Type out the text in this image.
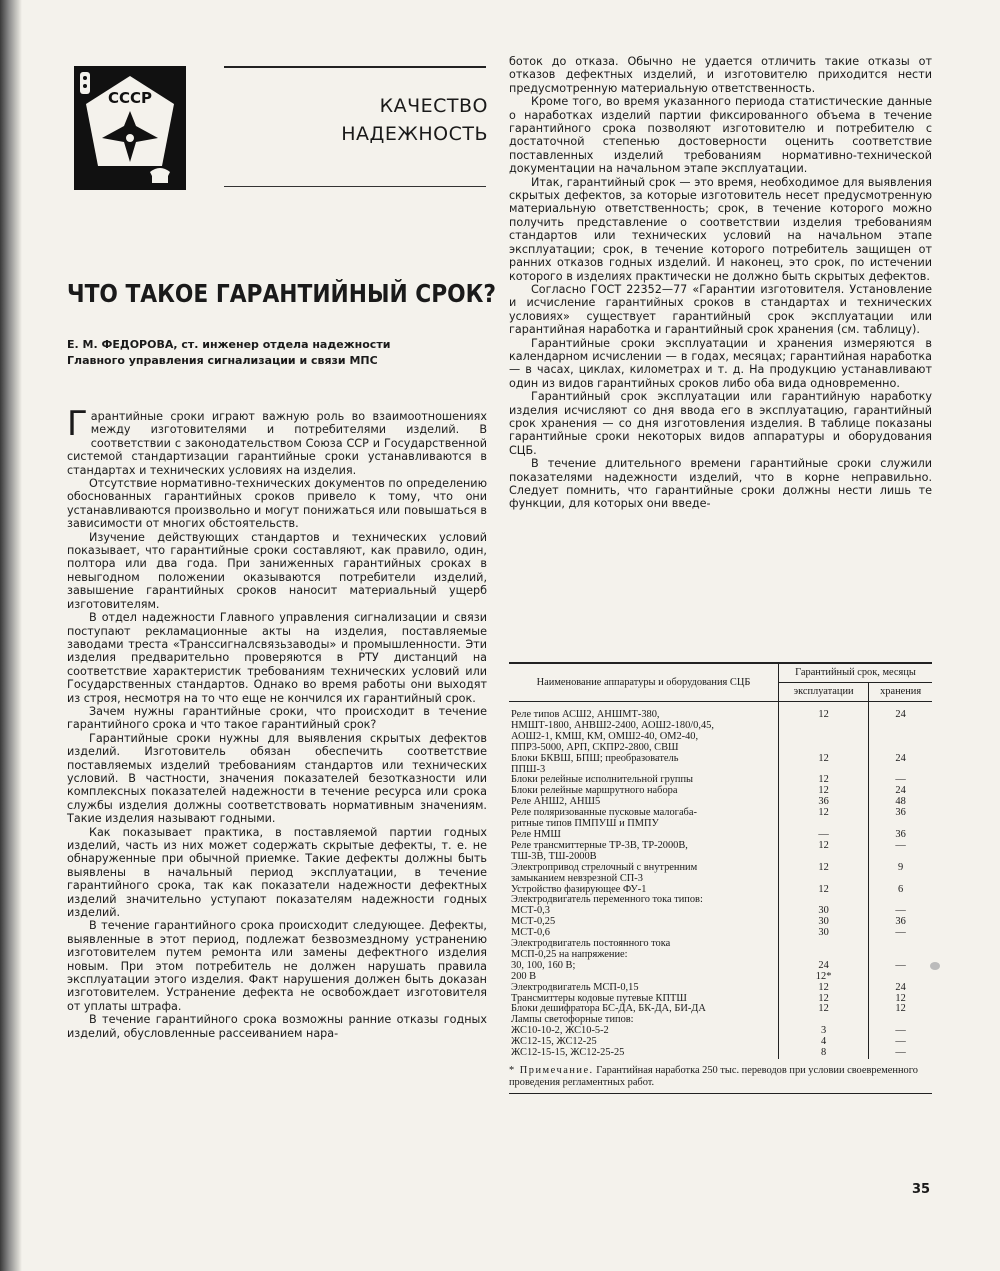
СССР	КАЧЕСТВО
НАДЕЖНОСТЬ
ЧТО ТАКОЕ ГАРАНТИЙНЫЙ СРОК?
Е. М. ФЕДОРОВА, ст. инженер отдела надежности
Главного управления сигнализации и связи МПС

Гарантийные сроки играют важную роль во взаимоотношениях между изготовителями и потребителями изделий. В соответствии с законодательством Союза ССР и Государственной системой стандартизации гарантийные сроки устанавливаются в стандартах и технических условиях на изделия.

Отсутствие нормативно-технических документов по определению обоснованных гарантийных сроков привело к тому, что они устанавливаются произвольно и могут понижаться или повышаться в зависимости от многих обстоятельств.

Изучение действующих стандартов и технических условий показывает, что гарантийные сроки составляют, как правило, один, полтора или два года. При заниженных гарантийных сроках в невыгодном положении оказываются потребители изделий, завышение гарантийных сроков наносит материальный ущерб изготовителям.

В отдел надежности Главного управления сигнализации и связи поступают рекламационные акты на изделия, поставляемые заводами треста «Транссигналсвязьзаводы» и промышленности. Эти изделия предварительно проверяются в РТУ дистанций на соответствие характеристик требованиям технических условий или Государственных стандартов. Однако во время работы они выходят из строя, несмотря на то что еще не кончился их гарантийный срок.

Зачем нужны гарантийные сроки, что происходит в течение гарантийного срока и что такое гарантийный срок?

Гарантийные сроки нужны для выявления скрытых дефектов изделий. Изготовитель обязан обеспечить соответствие поставляемых изделий требованиям стандартов или технических условий. В частности, значения показателей безотказности или комплексных показателей надежности в течение ресурса или срока службы изделия должны соответствовать нормативным значениям. Такие изделия называют годными.

Как показывает практика, в поставляемой партии годных изделий, часть из них может содержать скрытые дефекты, т. е. не обнаруженные при обычной приемке. Такие дефекты должны быть выявлены в начальный период эксплуатации, в течение гарантийного срока, так как показатели надежности дефектных изделий значительно уступают показателям надежности годных изделий.

В течение гарантийного срока происходит следующее. Дефекты, выявленные в этот период, подлежат безвозмездному устранению изготовителем путем ремонта или замены дефектного изделия новым. При этом потребитель не должен нарушать правила эксплуатации этого изделия. Факт нарушения должен быть доказан изготовителем. Устранение дефекта не освобождает изготовителя от уплаты штрафа.

В течение гарантийного срока возможны ранние отказы годных изделий, обусловленные рассеиванием нара-

боток до отказа. Обычно не удается отличить такие отказы от отказов дефектных изделий, и изготовителю приходится нести предусмотренную материальную ответственность.

Кроме того, во время указанного периода статистические данные о наработках изделий партии фиксированного объема в течение гарантийного срока позволяют изготовителю и потребителю с достаточной степенью достоверности оценить соответствие поставленных изделий требованиям нормативно-технической документации на начальном этапе эксплуатации.

Итак, гарантийный срок — это время, необходимое для выявления скрытых дефектов, за которые изготовитель несет предусмотренную материальную ответственность; срок, в течение которого можно получить представление о соответствии изделия требованиям стандартов или технических условий на начальном этапе эксплуатации; срок, в течение которого потребитель защищен от ранних отказов годных изделий. И наконец, это срок, по истечении которого в изделиях практически не должно быть скрытых дефектов.

Согласно ГОСТ 22352—77 «Гарантии изготовителя. Установление и исчисление гарантийных сроков в стандартах и технических условиях» существует гарантийный срок эксплуатации или гарантийная наработка и гарантийный срок хранения (см. таблицу).

Гарантийные сроки эксплуатации и хранения измеряются в календарном исчислении — в годах, месяцах; гарантийная наработка — в часах, циклах, километрах и т. д. На продукцию устанавливают один из видов гарантийных сроков либо оба вида одновременно.

Гарантийный срок эксплуатации или гарантийную наработку изделия исчисляют со дня ввода его в эксплуатацию, гарантийный срок хранения — со дня изготовления изделия. В таблице показаны гарантийные сроки некоторых видов аппаратуры и оборудования СЦБ.

В течение длительного времени гарантийные сроки служили показателями надежности изделий, что в корне неправильно. Следует помнить, что гарантийные сроки должны нести лишь те функции, для которых они введе-

Наименование аппаратуры и оборудования СЦБ	Гарантийный срок, месяцы	
	эксплуатации	хранения

Реле типов АСШ2, АНШМТ-380,	12	24
НМШТ-1800, АНВШ2-2400, АОШ2-180/0,45,		
АОШ2-1, КМШ, КМ, ОМШ2-40, ОМ2-40,		
ППР3-5000, АРП, СКПР2-2800, СВШ		
Блоки БКВШ, БПШ; преобразователь	12	24
ППШ-3		
Блоки релейные исполнительной группы	12	—
Блоки релейные маршрутного набора	12	24
Реле АНШ2, АНШ5	36	48
Реле поляризованные пусковые малогаба-	12	36
ритные типов ПМПУШ и ПМПУ		
Реле НМШ	—	36
Реле трансмиттерные ТР-3В, ТР-2000В,	12	—
ТШ-3В, ТШ-2000В		
Электропривод стрелочный с внутренним	12	9
замыканием невзрезной СП-3		
Устройство фазирующее ФУ-1	12	6
Электродвигатель переменного тока типов:		
МСТ-0,3	30	—
МСТ-0,25	30	36
МСТ-0,6	30	—
Электродвигатель постоянного тока		
МСП-0,25 на напряжение:		
30, 100, 160 В;	24	—
200 В	12*	
Электродвигатель МСП-0,15	12	24
Трансмиттеры кодовые путевые КПТШ	12	12
Блоки дешифратора БС-ДА, БК-ДА, БИ-ДА	12	12
Лампы светофорные типов:		
ЖС10-10-2, ЖС10-5-2	3	—
ЖС12-15, ЖС12-25	4	—
ЖС12-15-15, ЖС12-25-25	8	—
* Примечание. Гарантийная наработка 250 тыс. переводов при условии своевременного проведения регламентных работ.
35
